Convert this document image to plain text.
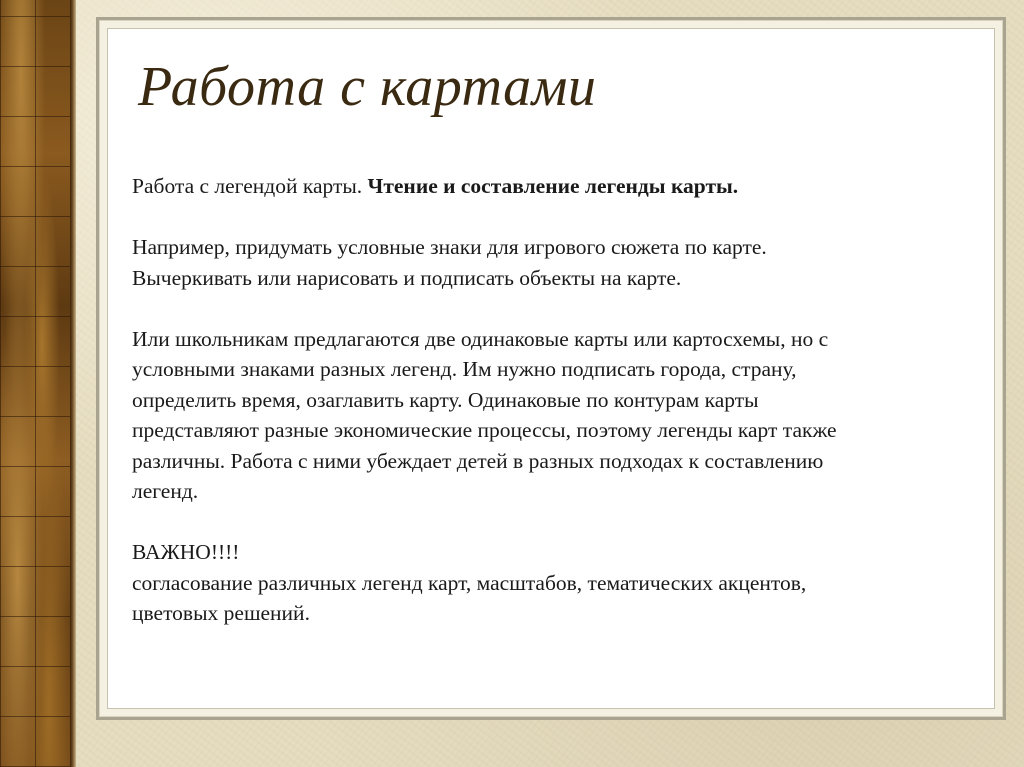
Работа с картами

Работа с легендой карты. Чтение и составление легенды карты.

Например, придумать условные знаки для игрового сюжета по карте.
Вычеркивать или нарисовать и подписать объекты на карте.

Или школьникам предлагаются две одинаковые карты или картосхемы, но с
условными знаками разных легенд. Им нужно подписать города, страну,
определить время, озаглавить карту. Одинаковые по контурам карты
представляют разные экономические процессы, поэтому легенды карт также
различны. Работа с ними убеждает детей в разных подходах к составлению
легенд.

ВАЖНО!!!!
согласование различных легенд карт, масштабов, тематических акцентов,
цветовых решений.
